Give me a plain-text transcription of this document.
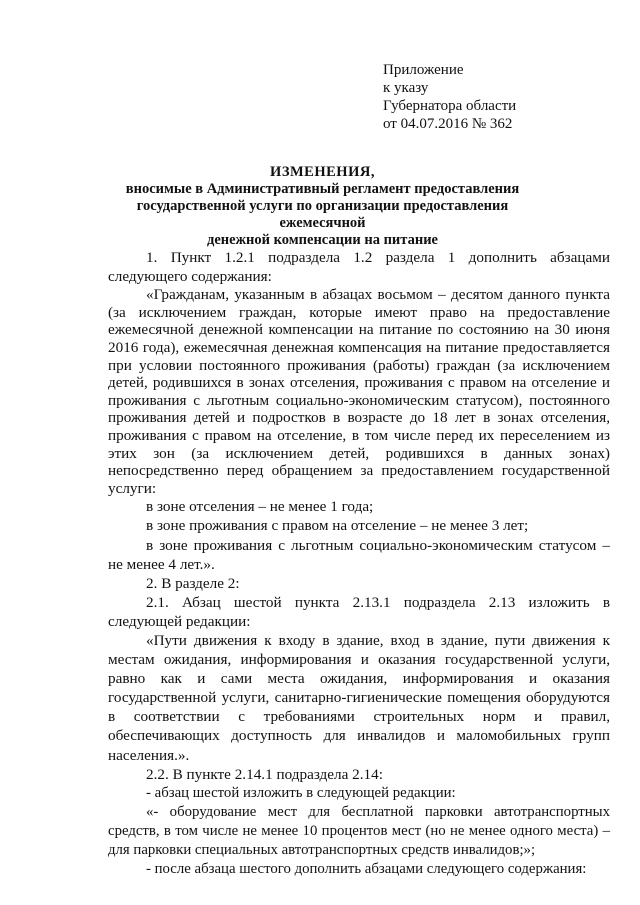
Приложение
к указу
Губернатора области
от 04.07.2016 № 362
ИЗМЕНЕНИЯ,
вносимые в Административный регламент предоставления
государственной услуги по организации предоставления ежемесячной
денежной компенсации на питание

1. Пункт 1.2.1 подраздела 1.2 раздела 1 дополнить абзацами следующего содержания:

«Гражданам, указанным в абзацах восьмом – десятом данного пункта (за исключением граждан, которые имеют право на предоставление ежемесячной денежной компенсации на питание по состоянию на 30 июня 2016 года), ежемесячная денежная компенсация на питание предоставляется при условии постоянного проживания (работы) граждан (за исключением детей, родившихся в зонах отселения, проживания с правом на отселение и проживания с льготным социально-экономическим статусом), постоянного проживания детей и подростков в возрасте до 18 лет в зонах отселения, проживания с правом на отселение, в том числе перед их переселением из этих зон (за исключением детей, родившихся в данных зонах) непосредственно перед обращением за предоставлением государственной услуги:

в зоне отселения – не менее 1 года;

в зоне проживания с правом на отселение – не менее 3 лет;

в зоне проживания с льготным социально-экономическим статусом – не менее 4 лет.».

2. В разделе 2:

2.1. Абзац шестой пункта 2.13.1 подраздела 2.13 изложить в следующей редакции:

«Пути движения к входу в здание, вход в здание, пути движения к местам ожидания, информирования и оказания государственной услуги, равно как и сами места ожидания, информирования и оказания государственной услуги, санитарно-гигиенические помещения оборудуются в соответствии с требованиями строительных норм и правил, обеспечивающих доступность для инвалидов и маломобильных групп населения.».

2.2. В пункте 2.14.1 подраздела 2.14:

- абзац шестой изложить в следующей редакции:

«- оборудование мест для бесплатной парковки автотранспортных средств, в том числе не менее 10 процентов мест (но не менее одного места) – для парковки специальных автотранспортных средств инвалидов;»;

- после абзаца шестого дополнить абзацами следующего содержания:
